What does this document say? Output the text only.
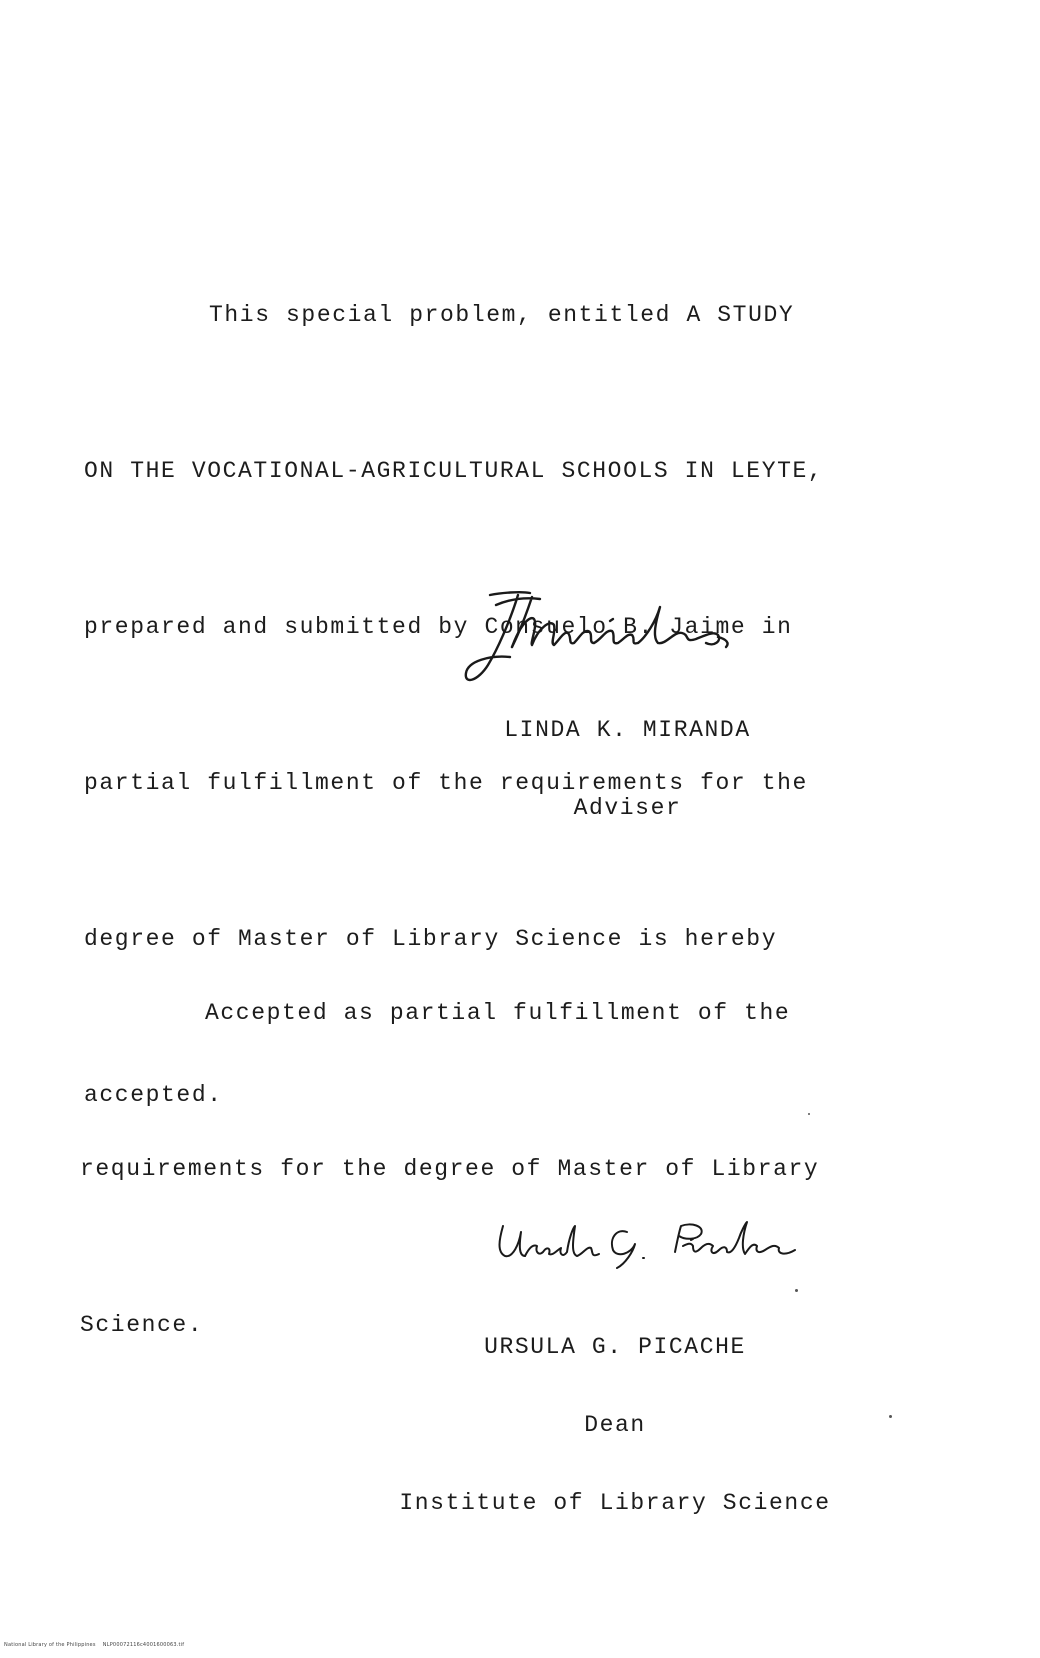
This special problem, entitled A STUDY

ON THE VOCATIONAL-AGRICULTURAL SCHOOLS IN LEYTE,

prepared and submitted by Consuelo B. Jaime in

partial fulfillment of the requirements for the

degree of Master of Library Science is hereby

accepted.

LINDA K. MIRANDA

Adviser

Accepted as partial fulfillment of the

requirements for the degree of Master of Library

Science.

URSULA G. PICACHE

Dean

Institute of Library Science

National Library of the Philippines    NLP00072116c4001600063.tif
